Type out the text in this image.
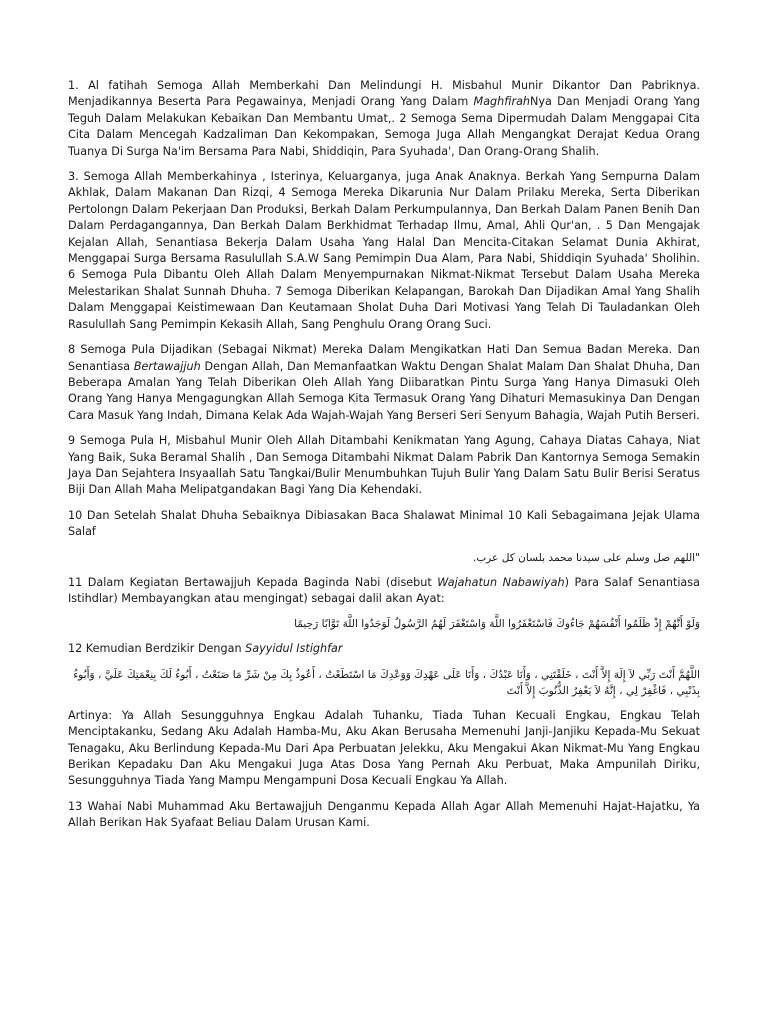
1. Al fatihah Semoga Allah Memberkahi Dan Melindungi H. Misbahul Munir Dikantor Dan Pabriknya. Menjadikannya Beserta Para Pegawainya, Menjadi Orang Yang Dalam MaghfirahNya Dan Menjadi Orang Yang Teguh Dalam Melakukan Kebaikan Dan Membantu Umat,. 2 Semoga Sema Dipermudah Dalam Menggapai Cita Cita Dalam Mencegah Kadzaliman Dan Kekompakan, Semoga Juga Allah Mengangkat Derajat Kedua Orang Tuanya Di Surga Na'im Bersama Para Nabi, Shiddiqin, Para Syuhada', Dan Orang-Orang Shalih.

3. Semoga Allah Memberkahinya , Isterinya, Keluarganya, juga Anak Anaknya. Berkah Yang Sempurna Dalam Akhlak, Dalam Makanan Dan Rizqi, 4 Semoga Mereka Dikarunia Nur Dalam Prilaku Mereka, Serta Diberikan Pertolongn Dalam Pekerjaan Dan Produksi, Berkah Dalam Perkumpulannya, Dan Berkah Dalam Panen Benih Dan Dalam Perdagangannya, Dan Berkah Dalam Berkhidmat Terhadap Ilmu, Amal, Ahli Qur'an, . 5 Dan Mengajak Kejalan Allah, Senantiasa Bekerja Dalam Usaha Yang Halal Dan Mencita-Citakan Selamat Dunia Akhirat, Menggapai Surga Bersama Rasulullah S.A.W Sang Pemimpin Dua Alam, Para Nabi, Shiddiqin Syuhada' Sholihin. 6 Semoga Pula Dibantu Oleh Allah Dalam Menyempurnakan Nikmat-Nikmat Tersebut Dalam Usaha Mereka Melestarikan Shalat Sunnah Dhuha. 7 Semoga Diberikan Kelapangan, Barokah Dan Dijadikan Amal Yang Shalih Dalam Menggapai Keistimewaan Dan Keutamaan Sholat Duha Dari Motivasi Yang Telah Di Tauladankan Oleh Rasulullah Sang Pemimpin Kekasih Allah, Sang Penghulu Orang Orang Suci.

8 Semoga Pula Dijadikan (Sebagai Nikmat) Mereka Dalam Mengikatkan Hati Dan Semua Badan Mereka. Dan Senantiasa Bertawajjuh Dengan Allah, Dan Memanfaatkan Waktu Dengan Shalat Malam Dan Shalat Dhuha, Dan Beberapa Amalan Yang Telah Diberikan Oleh Allah Yang Diibaratkan Pintu Surga Yang Hanya Dimasuki Oleh Orang Yang Hanya Mengagungkan Allah Semoga Kita Termasuk Orang Yang Dihaturi Memasukinya Dan Dengan Cara Masuk Yang Indah, Dimana Kelak Ada Wajah-Wajah Yang Berseri Seri Senyum Bahagia, Wajah Putih Berseri.

9 Semoga Pula H, Misbahul Munir Oleh Allah Ditambahi Kenikmatan Yang Agung, Cahaya Diatas Cahaya, Niat Yang Baik, Suka Beramal Shalih , Dan Semoga Ditambahi Nikmat Dalam Pabrik Dan Kantornya Semoga Semakin Jaya Dan Sejahtera Insyaallah Satu Tangkai/Bulir Menumbuhkan Tujuh Bulir Yang Dalam Satu Bulir Berisi Seratus Biji Dan Allah Maha Melipatgandakan Bagi Yang Dia Kehendaki.

10 Dan Setelah Shalat Dhuha Sebaiknya Dibiasakan Baca Shalawat Minimal 10 Kali Sebagaimana Jejak Ulama Salaf

"اللهم صل وسلم على سيدنا محمد بلسان كل عرب.

11 Dalam Kegiatan Bertawajjuh Kepada Baginda Nabi (disebut Wajahatun Nabawiyah) Para Salaf Senantiasa Istihdlar) Membayangkan atau mengingat) sebagai dalil akan Ayat:

وَلَوْ أَنَّهُمْ إِذْ ظَلَمُوا أَنْفُسَهُمْ جَاءُوكَ فَاسْتَغْفَرُوا اللَّهَ وَاسْتَغْفَرَ لَهُمُ الرَّسُولُ لَوَجَدُوا اللَّهَ تَوَّابًا رَحِيمًا

12 Kemudian Berdzikir Dengan Sayyidul Istighfar

اللَّهُمَّ أَنْتَ رَبِّي لاَ إِلَهَ إِلاَّ أَنْتَ ، خَلَقْتَنِي ، وَأَنَا عَبْدُكَ ، وَأَنَا عَلَى عَهْدِكَ وَوَعْدِكَ مَا اسْتَطَعْتُ ، أَعُوذُ بِكَ مِنْ شَرِّ مَا صَنَعْتُ ، أَبُوءُ لَكَ بِنِعْمَتِكَ عَلَيَّ ، وَأَبُوءُ بِذَنْبِي ، فَاغْفِرْ لِي ، إِنَّهُ لاَ يَغْفِرُ الذُّنُوبَ إِلاَّ أَنْتَ

Artinya: Ya Allah Sesungguhnya Engkau Adalah Tuhanku, Tiada Tuhan Kecuali Engkau, Engkau Telah Menciptakanku, Sedang Aku Adalah Hamba-Mu, Aku Akan Berusaha Memenuhi Janji-Janjiku Kepada-Mu Sekuat Tenagaku, Aku Berlindung Kepada-Mu Dari Apa Perbuatan Jelekku, Aku Mengakui Akan Nikmat-Mu Yang Engkau Berikan Kepadaku Dan Aku Mengakui Juga Atas Dosa Yang Pernah Aku Perbuat, Maka Ampunilah Diriku, Sesungguhnya Tiada Yang Mampu Mengampuni Dosa Kecuali Engkau Ya Allah.

13 Wahai Nabi Muhammad Aku Bertawajjuh Denganmu Kepada Allah Agar Allah Memenuhi Hajat-Hajatku, Ya Allah Berikan Hak Syafaat Beliau Dalam Urusan Kami.
